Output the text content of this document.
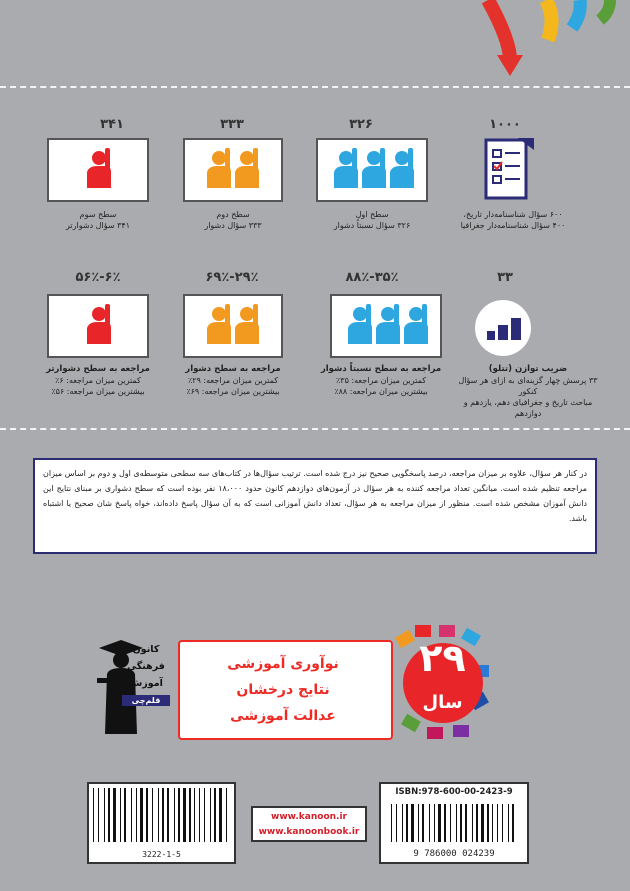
۳۴۱	۳۳۳	۳۲۶	۱۰۰۰
سطح سوم
۳۴۱ سؤال دشوارتر
سطح دوم
۳۳۳ سؤال دشوار
سطح اول
۳۲۶ سؤال نسبتاً دشوار
۶۰۰ سؤال شناسنامه‌دار تاریخ،
۴۰۰ سؤال شناسنامه‌دار جغرافیا
۶٪-۵۶٪	۲۹٪-۶۹٪	۳۵٪-۸۸٪	۳۳
مراجعه به سطح دشوارتر
کمترین میزان مراجعه: ۶٪
بیشترین میزان مراجعه: ۵۶٪
مراجعه به سطح دشوار
کمترین میزان مراجعه: ۲۹٪
بیشترین میزان مراجعه: ۶۹٪
مراجعه به سطح نسبتاً دشوار
کمترین میزان مراجعه: ۳۵٪
بیشترین میزان مراجعه: ۸۸٪
ضریب توازن (تتلو)
۳۳ پرسش چهار گزینه‌ای به ازای هر سؤال کنکور
مباحث تاریخ و جغرافیای دهم، یازدهم و دوازدهم
در کنار هر سؤال، علاوه بر میزان مراجعه، درصد پاسخگویی صحیح نیز درج شده است. ترتیب سؤال‌ها در کتاب‌های سه سطحی متوسطه‌ی اول و دوم بر اساس میزان مراجعه تنظیم شده است. میانگین تعداد مراجعه کننده به هر سؤال در آزمون‌های دوازدهم کانون حدود ۱۸،۰۰۰ نفر بوده است که سطح دشواری بر مبنای نتایج این دانش آموزان مشخص شده است. منظور از میزان مراجعه به هر سؤال، تعداد دانش آموزانی است که به آن سؤال پاسخ داده‌اند، خواه پاسخ شان صحیح یا اشتباه باشد.
کانون
فرهنگی
آموزش
قلم‌چی
نوآوری آموزشی
نتایج درخشان
عدالت آموزشی
۲۹
سال
3222-1-5
www.kanoon.ir
www.kanoonbook.ir
ISBN:978-600-00-2423-9
9 786000 024239
